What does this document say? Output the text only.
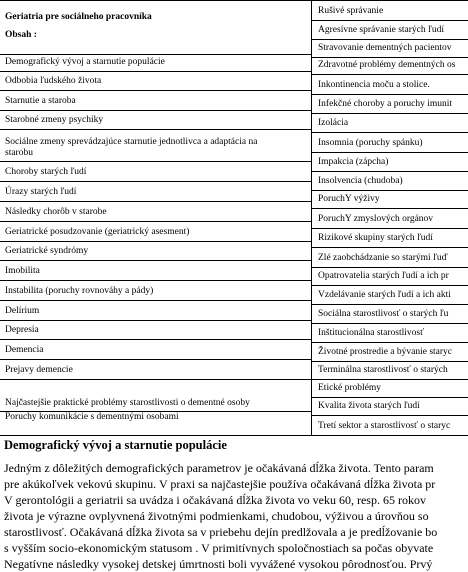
Geriatria pre sociálneho pracovníka
Obsah :
Demografický vývoj a starnutie populácie
Odbobia ľudského života
Starnutie a staroba
Starobné zmeny psychiky
Sociálne zmeny sprevádzajúce starnutie jednotlivca a adaptácia na starobu
Choroby starých ľudí
Úrazy starých ľudí
Následky chorôb v starobe
Geriatrické posudzovanie (geriatrický asesment)
Geriatrické syndrómy
Imobilita
Instabilita (poruchy rovnováhy a pády)
Delírium
Depresia
Demencia
Prejavy demencie
Najčastejšie praktické problémy starostlivosti o dementné osoby
Poruchy komunikácie s dementnými osobami
Rušivé správanie
Agresívne správanie starých ľudí
Stravovanie dementných pacientov
Zdravotné problémy dementných os
Inkontinencia moču a stolice.
Infekčné choroby a poruchy imunit
Izolácia
Insomnia (poruchy spánku)
Impakcia (zápcha)
Insolvencia (chudoba)
PoruchY výživy
PoruchY zmyslových orgánov
Rizikové skupiny starých ľudí
Zlé zaobchádzanie so starými ľuď
Opatrovatelia starých ľudí a ich pr
Vzdelávanie starých ľudí a ich akti
Sociálna starostlivosť o starých ľu
Inštitucionálna starostlivosť
Životné prostredie a bývanie staryc
Terminálna starostlivosť o starých
Etické problémy
Kvalita života starých ľudí
Tretí sektor a starostlivosť o staryc
Demografický vývoj a starnutie populácie

Jedným z dôležitých demografických parametrov je očakávaná dĺžka života. Tento param
pre akúkoľvek vekovú skupinu. V praxi sa najčastejšie používa očakávaná dĺžka života pr
V gerontológii a geriatrii sa uvádza i očakávaná dĺžka života vo veku 60, resp. 65 rokov
života je výrazne ovplyvnená životnými podmienkami, chudobou, výživou a úrovňou so
starostlivosť. Očakávaná dĺžka života sa v priebehu dejín predlžovala a je predĺžovanie bo
s vyšším socio-ekonomickým statusom . V primitívnych spoločnostiach sa počas obyvate
Negatívne následky vysokej detskej úmrtnosti boli vyvážené vysokou pôrodnosťou. Prvý
